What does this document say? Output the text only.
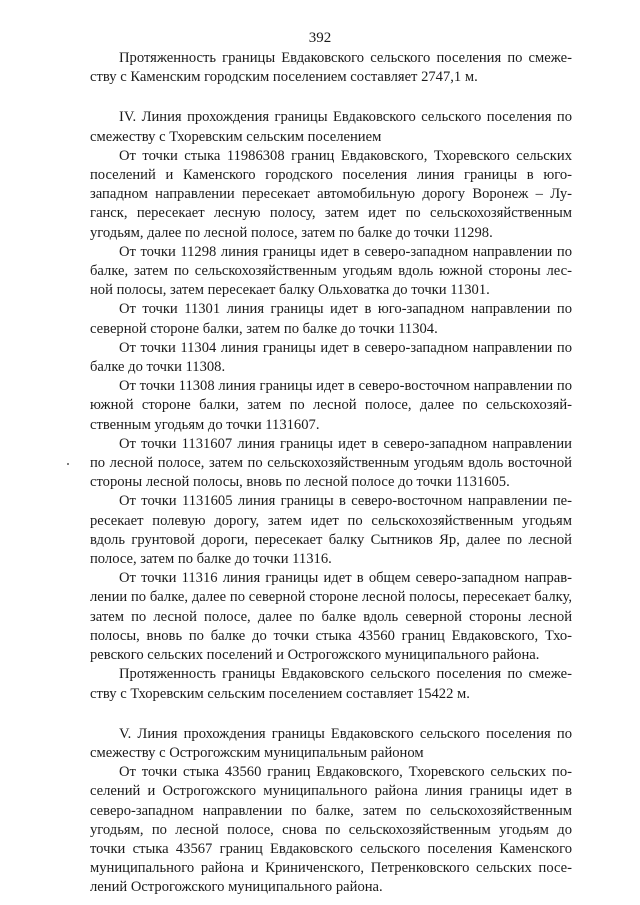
392

Протяженность границы Евдаковского сельского поселения по смежеству с Каменским городским поселением составляет 2747,1 м.

IV. Линия прохождения границы Евдаковского сельского поселения по смежеству с Тхоревским сельским поселением

От точки стыка 11986308 границ Евдаковского, Тхоревского сельских поселений и Каменского городского поселения линия границы в юго-западном направлении пересекает автомобильную дорогу Воронеж – Луганск, пересекает лесную полосу, затем идет по сельскохозяйственным угодьям, далее по лесной полосе, затем по балке до точки 11298.

От точки 11298 линия границы идет в северо-западном направлении по балке, затем по сельскохозяйственным угодьям вдоль южной стороны лесной полосы, затем пересекает балку Ольховатка до точки 11301.

От точки 11301 линия границы идет в юго-западном направлении по северной стороне балки, затем по балке до точки 11304.

От точки 11304 линия границы идет в северо-западном направлении по балке до точки 11308.

От точки 11308 линия границы идет в северо-восточном направлении по южной стороне балки, затем по лесной полосе, далее по сельскохозяйственным угодьям до точки 1131607.

От точки 1131607 линия границы идет в северо-западном направлении по лесной полосе, затем по сельскохозяйственным угодьям вдоль восточной стороны лесной полосы, вновь по лесной полосе до точки 1131605.

От точки 1131605 линия границы в северо-восточном направлении пересекает полевую дорогу, затем идет по сельскохозяйственным угодьям вдоль грунтовой дороги, пересекает балку Сытников Яр, далее по лесной полосе, затем по балке до точки 11316.

От точки 11316 линия границы идет в общем северо-западном направлении по балке, далее по северной стороне лесной полосы, пересекает балку, затем по лесной полосе, далее по балке вдоль северной стороны лесной полосы, вновь по балке до точки стыка 43560 границ Евдаковского, Тхоревского сельских поселений и Острогожского муниципального района.

Протяженность границы Евдаковского сельского поселения по смежеству с Тхоревским сельским поселением составляет 15422 м.

V. Линия прохождения границы Евдаковского сельского поселения по смежеству с Острогожским муниципальным районом

От точки стыка 43560 границ Евдаковского, Тхоревского сельских поселений и Острогожского муниципального района линия границы идет в северо-западном направлении по балке, затем по сельскохозяйственным угодьям, по лесной полосе, снова по сельскохозяйственным угодьям до точки стыка 43567 границ Евдаковского сельского поселения Каменского муниципального района и Криниченского, Петренковского сельских поселений Острогожского муниципального района.
